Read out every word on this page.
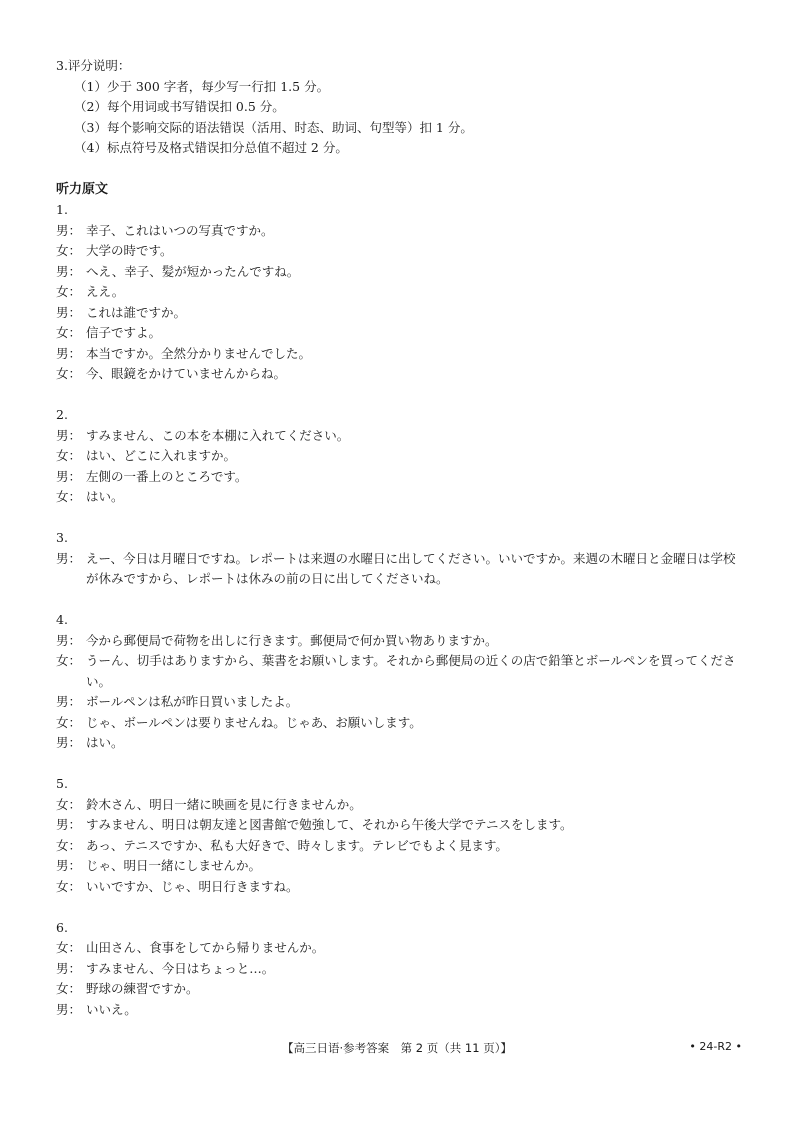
3.评分说明：
（1）少于 300 字者，每少写一行扣 1.5 分。
（2）每个用词或书写错误扣 0.5 分。
（3）每个影响交际的语法错误（活用、时态、助词、句型等）扣 1 分。
（4）标点符号及格式错误扣分总值不超过 2 分。
听力原文
1.
男： 幸子、これはいつの写真ですか。
女： 大学の時です。
男： へえ、幸子、髪が短かったんですね。
女： ええ。
男： これは誰ですか。
女： 信子ですよ。
男： 本当ですか。全然分かりませんでした。
女： 今、眼鏡をかけていませんからね。
2.
男： すみません、この本を本棚に入れてください。
女： はい、どこに入れますか。
男： 左側の一番上のところです。
女： はい。
3.
男： えー、今日は月曜日ですね。レポートは来週の水曜日に出してください。いいですか。来週の木曜日と金曜日は学校が休みですから、レポートは休みの前の日に出してくださいね。
4.
男： 今から郵便局で荷物を出しに行きます。郵便局で何か買い物ありますか。
女： うーん、切手はありますから、葉書をお願いします。それから郵便局の近くの店で鉛筆とボールペンを買ってください。
男： ボールペンは私が昨日買いましたよ。
女： じゃ、ボールペンは要りませんね。じゃあ、お願いします。
男： はい。
5.
女： 鈴木さん、明日一緒に映画を見に行きませんか。
男： すみません、明日は朝友達と図書館で勉強して、それから午後大学でテニスをします。
女： あっ、テニスですか、私も大好きで、時々します。テレビでもよく見ます。
男： じゃ、明日一緒にしませんか。
女： いいですか、じゃ、明日行きますね。
6.
女： 山田さん、食事をしてから帰りませんか。
男： すみません、今日はちょっと…。
女： 野球の練習ですか。
男： いいえ。
【高三日语·参考答案　第 2 页（共 11 页）】	• 24-R2 •
